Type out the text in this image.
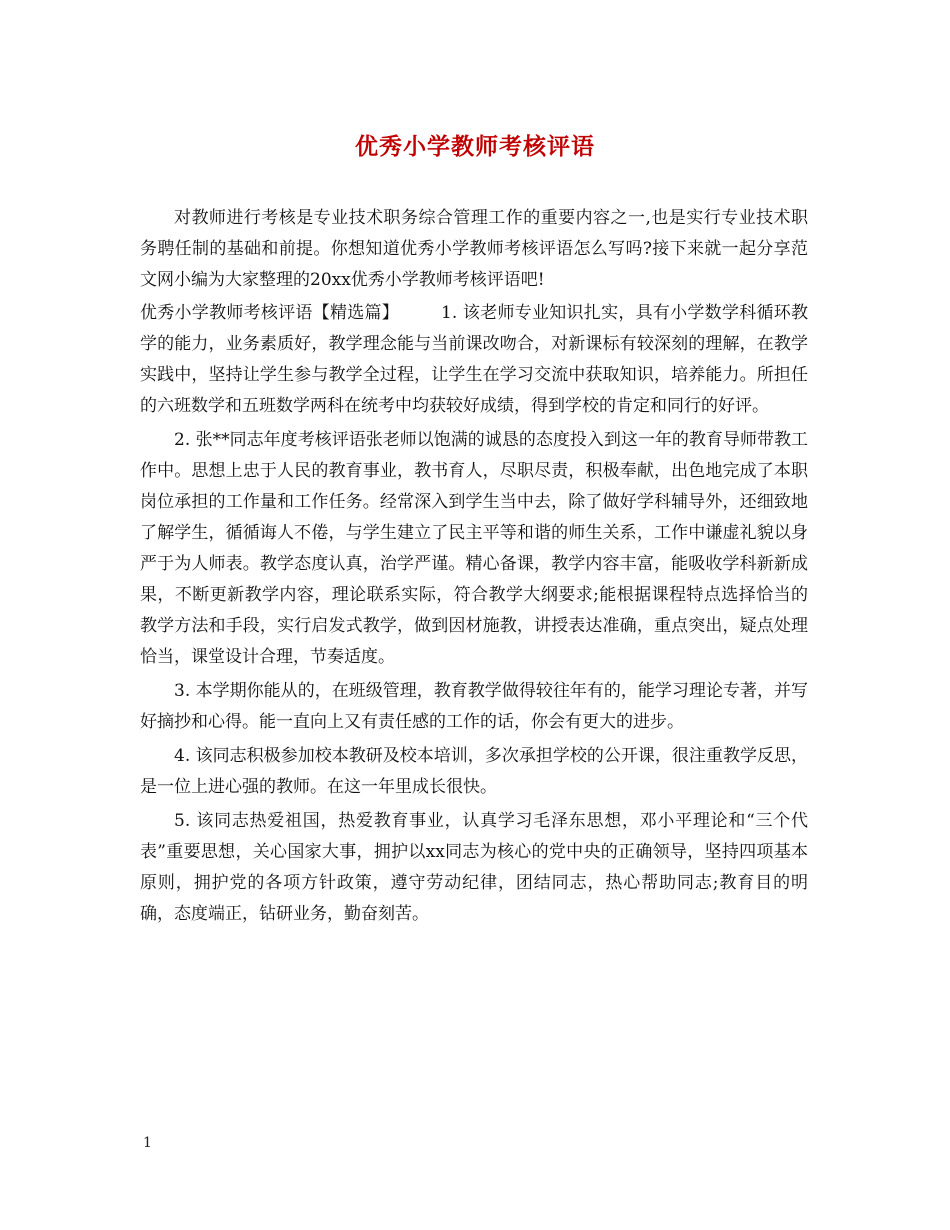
优秀小学教师考核评语

对教师进行考核是专业技术职务综合管理工作的重要内容之一,也是实行专业技术职务聘任制的基础和前提。你想知道优秀小学教师考核评语怎么写吗?接下来就一起分享范文网小编为大家整理的20xx优秀小学教师考核评语吧!

优秀小学教师考核评语【精选篇】 1. 该老师专业知识扎实，具有小学数学科循环教学的能力，业务素质好，教学理念能与当前课改吻合，对新课标有较深刻的理解，在教学实践中，坚持让学生参与教学全过程，让学生在学习交流中获取知识，培养能力。所担任的六班数学和五班数学两科在统考中均获较好成绩，得到学校的肯定和同行的好评。

2. 张**同志年度考核评语张老师以饱满的诚恳的态度投入到这一年的教育导师带教工作中。思想上忠于人民的教育事业，教书育人，尽职尽责，积极奉献，出色地完成了本职岗位承担的工作量和工作任务。经常深入到学生当中去，除了做好学科辅导外，还细致地了解学生，循循诲人不倦，与学生建立了民主平等和谐的师生关系，工作中谦虚礼貌以身严于为人师表。教学态度认真，治学严谨。精心备课，教学内容丰富，能吸收学科新新成果，不断更新教学内容，理论联系实际，符合教学大纲要求;能根据课程特点选择恰当的教学方法和手段，实行启发式教学，做到因材施教，讲授表达准确，重点突出，疑点处理恰当，课堂设计合理，节奏适度。

3. 本学期你能从的，在班级管理，教育教学做得较往年有的，能学习理论专著，并写好摘抄和心得。能一直向上又有责任感的工作的话，你会有更大的进步。

4. 该同志积极参加校本教研及校本培训，多次承担学校的公开课，很注重教学反思，是一位上进心强的教师。在这一年里成长很快。

5. 该同志热爱祖国，热爱教育事业，认真学习毛泽东思想，邓小平理论和“三个代表”重要思想，关心国家大事，拥护以xx同志为核心的党中央的正确领导，坚持四项基本原则，拥护党的各项方针政策，遵守劳动纪律，团结同志，热心帮助同志;教育目的明确，态度端正，钻研业务，勤奋刻苦。

1
